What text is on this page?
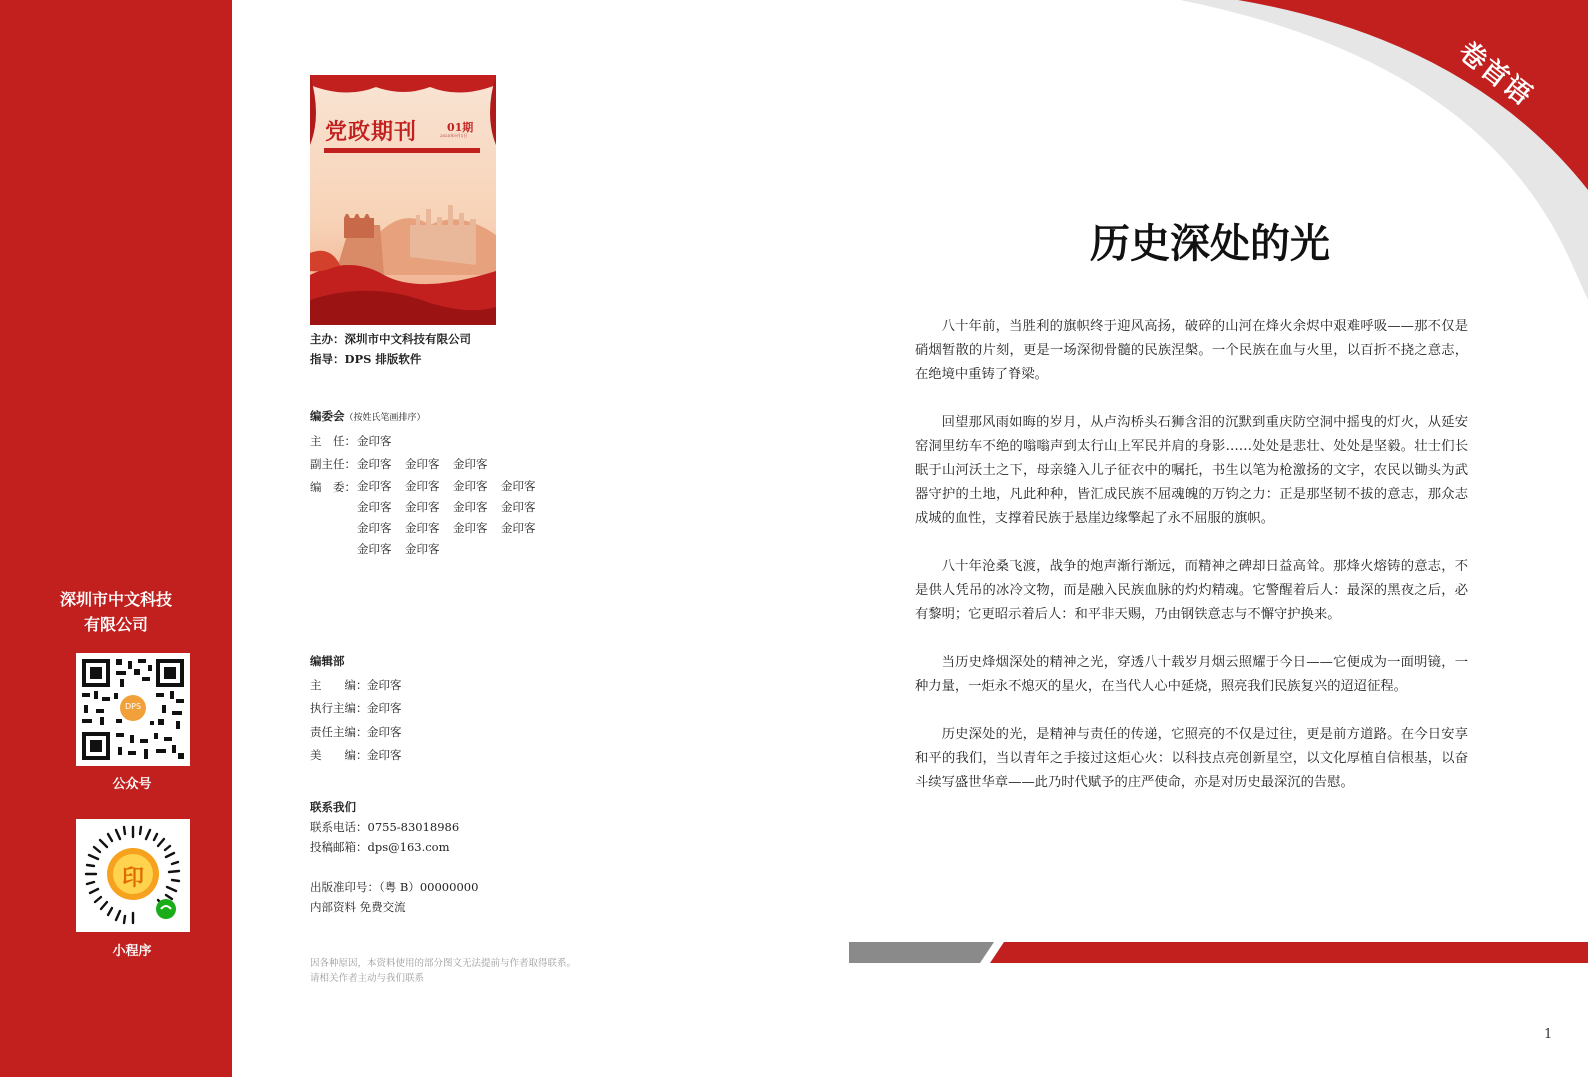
深圳市中文科技
有限公司
DPS
公众号
印
小程序
党政期刊	01期
2025年9月1日
主办：深圳市中文科技有限公司
指导：DPS 排版软件
编委会（按姓氏笔画排序）
主　任： 金印客
副主任： 金印客 金印客 金印客
编　委： 金印客 金印客 金印客 金印客
金印客 金印客 金印客 金印客
金印客 金印客 金印客 金印客
金印客 金印客
编辑部
主　　编： 金印客
执行主编： 金印客
责任主编： 金印客
美　　编： 金印客
联系我们
联系电话：0755-83018986
投稿邮箱：dps@163.com
出版准印号：（粤 B）00000000
内部资料 免费交流
因各种原因，本资料使用的部分图文无法提前与作者取得联系。
请相关作者主动与我们联系
卷首语
历史深处的光

八十年前，当胜利的旗帜终于迎风高扬，破碎的山河在烽火余烬中艰难呼吸——那不仅是硝烟暂散的片刻，更是一场深彻骨髓的民族涅槃。一个民族在血与火里，以百折不挠之意志，在绝境中重铸了脊梁。

回望那风雨如晦的岁月，从卢沟桥头石狮含泪的沉默到重庆防空洞中摇曳的灯火，从延安窑洞里纺车不绝的嗡嗡声到太行山上军民并肩的身影……处处是悲壮、处处是坚毅。壮士们长眠于山河沃土之下，母亲缝入儿子征衣中的嘱托，书生以笔为枪激扬的文字，农民以锄头为武器守护的土地，凡此种种，皆汇成民族不屈魂魄的万钧之力：正是那坚韧不拔的意志，那众志成城的血性，支撑着民族于悬崖边缘擎起了永不屈服的旗帜。

八十年沧桑飞渡，战争的炮声渐行渐远，而精神之碑却日益高耸。那烽火熔铸的意志，不是供人凭吊的冰冷文物，而是融入民族血脉的灼灼精魂。它警醒着后人：最深的黑夜之后，必有黎明；它更昭示着后人：和平非天赐，乃由钢铁意志与不懈守护换来。

当历史烽烟深处的精神之光，穿透八十载岁月烟云照耀于今日——它便成为一面明镜，一种力量，一炬永不熄灭的星火，在当代人心中延烧，照亮我们民族复兴的迢迢征程。

历史深处的光，是精神与责任的传递，它照亮的不仅是过往，更是前方道路。在今日安享和平的我们，当以青年之手接过这炬心火：以科技点亮创新星空，以文化厚植自信根基，以奋斗续写盛世华章——此乃时代赋予的庄严使命，亦是对历史最深沉的告慰。

1
